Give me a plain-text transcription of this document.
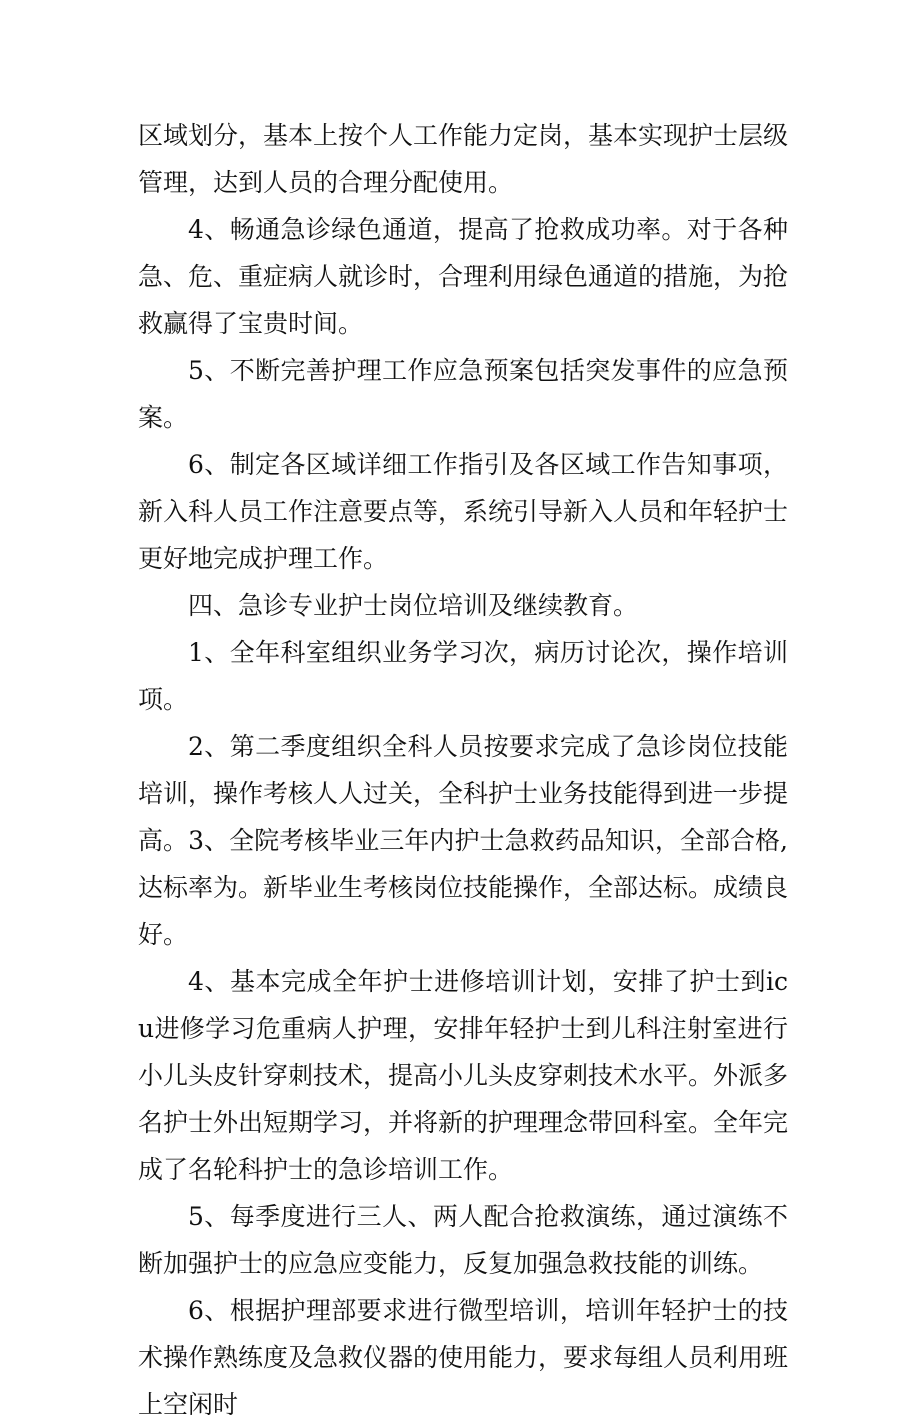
区域划分，基本上按个人工作能力定岗，基本实现护士层级管理，达到人员的合理分配使用。

4、畅通急诊绿色通道，提高了抢救成功率。对于各种急、危、重症病人就诊时，合理利用绿色通道的措施，为抢救赢得了宝贵时间。

5、不断完善护理工作应急预案包括突发事件的应急预案。

6、制定各区域详细工作指引及各区域工作告知事项，新入科人员工作注意要点等，系统引导新入人员和年轻护士更好地完成护理工作。

四、急诊专业护士岗位培训及继续教育。

1、全年科室组织业务学习次，病历讨论次，操作培训项。

2、第二季度组织全科人员按要求完成了急诊岗位技能培训，操作考核人人过关，全科护士业务技能得到进一步提高。3、全院考核毕业三年内护士急救药品知识，全部合格,达标率为。新毕业生考核岗位技能操作，全部达标。成绩良好。

4、基本完成全年护士进修培训计划，安排了护士到icu进修学习危重病人护理，安排年轻护士到儿科注射室进行小儿头皮针穿刺技术，提高小儿头皮穿刺技术水平。外派多名护士外出短期学习，并将新的护理理念带回科室。全年完成了名轮科护士的急诊培训工作。

5、每季度进行三人、两人配合抢救演练，通过演练不断加强护士的应急应变能力，反复加强急救技能的训练。

6、根据护理部要求进行微型培训，培训年轻护士的技术操作熟练度及急救仪器的使用能力，要求每组人员利用班上空闲时
